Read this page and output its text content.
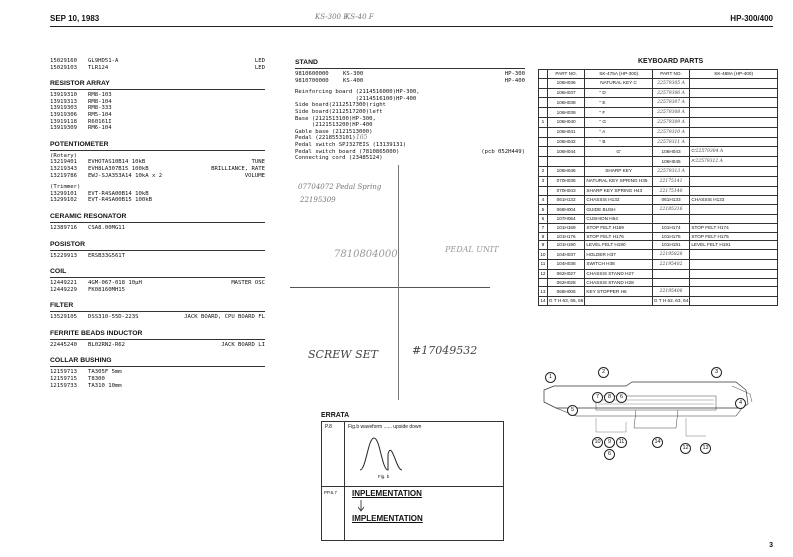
SEP 10, 1983	KS-300 F
KS-40 F	HP-300/400
15029160	GL9HD51-A	LED
15029103	TLR124	LED
RESISTOR ARRAY
13919310	RM8-103
13919313	RM8-104
13919303	RM8-333
13919306	RM5-104
13919118	R60161I
13919309	RM6-104
POTENTIOMETER
(Rotary)
13219401	EVHOTAS10B14 10kB	TUNE
13219343	EVH8LA307B15 100kB	BRILLIANCE, RATE
13219786	EWJ-SJA353A14 10kA x 2	VOLUME
(Trimmer)
13299101	EVT-R4SA00B14 10kB
13299102	EVT-R4SA00B15 100kB
CERAMIC RESONATOR
12389716	CSA8.00MG11
POSISTOR
15229913	ERSB33G561T
COIL
12449221	4GM-067-018 10µH	MASTER OSC
12449229	FK08160MH15
FILTER
13529105	DSS310-55D-223S	JACK BOARD, CPU BOARD FL
FERRITE BEADS INDUCTOR
22445240	BL02RN2-R62	JACK BOARD LI
COLLAR BUSHING
12159713	TA305F 5mm
12159715	T8300
12159733	TA310 10mm
STAND
9810600000	KS-300	HP-300
9810700000	KS-400	HP-400
Reinforcing board (2114516000)HP-300,
(2114516100)HP-400
Side board(2112517300)right
Side board(2112517200)left
Base (2121513100)HP-300,
(2121513200)HP-400
Gable base (2121513000)
Pedal (2218553101)
Pedal switch SPJ327EIS (13139131)
Pedal switch board (7810865000)	(pcb 052H449)
Connecting cord (23485124)
165
07704072 Pedal Spring
22195309
7810804000	PEDAL UNIT
SCREW SET	#17049532
KEYBOARD PARTS
	PART NO.	SK-475A (HP-300)	PART NO.	SK-488A (HP-400)
	106H036	NATURAL KEY C	22579305 A	
	106H037	″ D	22579306 A	
	106H038	″ E	22579307 A	
	106H039	″ F	22579308 A	
1	106H040	″ G	22579309 A	
	106H041	″ A	22579310 A	
	106H042	″ B	22579311 A	
	106H044	G'	106H043	C'22579304 A
			106H045	A'22579312 A
2	106H046	SHARP KEY	22579313 A	
3	070H035	NATURAL KEY SPRING H35	22175141	
	070H043	SHARP KEY SPRING H43	22175140	
4	061H132	CHASSIS H132	061H133	CHASSIS H133
5	068H004	GUIDE BUSH	22185316	
6	107H064	CUSHION H64		
7	101H169	STOP FELT H169	101H174	STOP FELT H174
8	101H176	STOP FELT H176	101H175	STOP FELT H175
9	101H190	LEVEL FELT H190	101H191	LEVEL FELT H191
10	104H037	HOLDER H37	22195828	
11	104H038	SWITCH H38	22195402	
12	062H027	CHASSIS STAND H27		
	062H028	CHASSIS STAND H28		
13	068H006	KEY STOPPER H6	22195406	
14	G T H 63, 65, 66		G T H 62, 63, 64	
1
2	3
4
5
7	8	6
9
10	11	14
12	13
6
ERRATA
P.8	Fig.b waveform ...... upside down
Fig. b
PP.6,7 INPLEMENTATION
IMPLEMENTATION
3
